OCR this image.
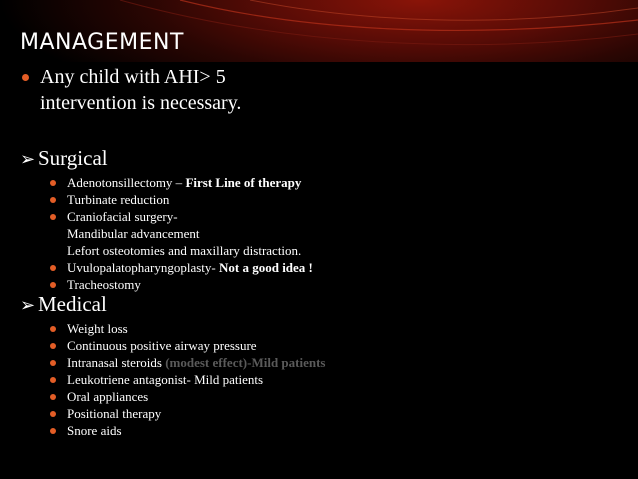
MANAGEMENT
Any child with AHI> 5
intervention is necessary.
➢ Surgical
Adenotonsillectomy – First Line of therapy
Turbinate reduction
Craniofacial surgery-
Mandibular advancement
Lefort osteotomies and maxillary distraction.
Uvulopalatopharyngoplasty- Not a good idea !
Tracheostomy
➢ Medical
Weight loss
Continuous positive airway pressure
Intranasal steroids (modest effect)-Mild patients
Leukotriene antagonist- Mild patients
Oral appliances
Positional therapy
Snore aids
